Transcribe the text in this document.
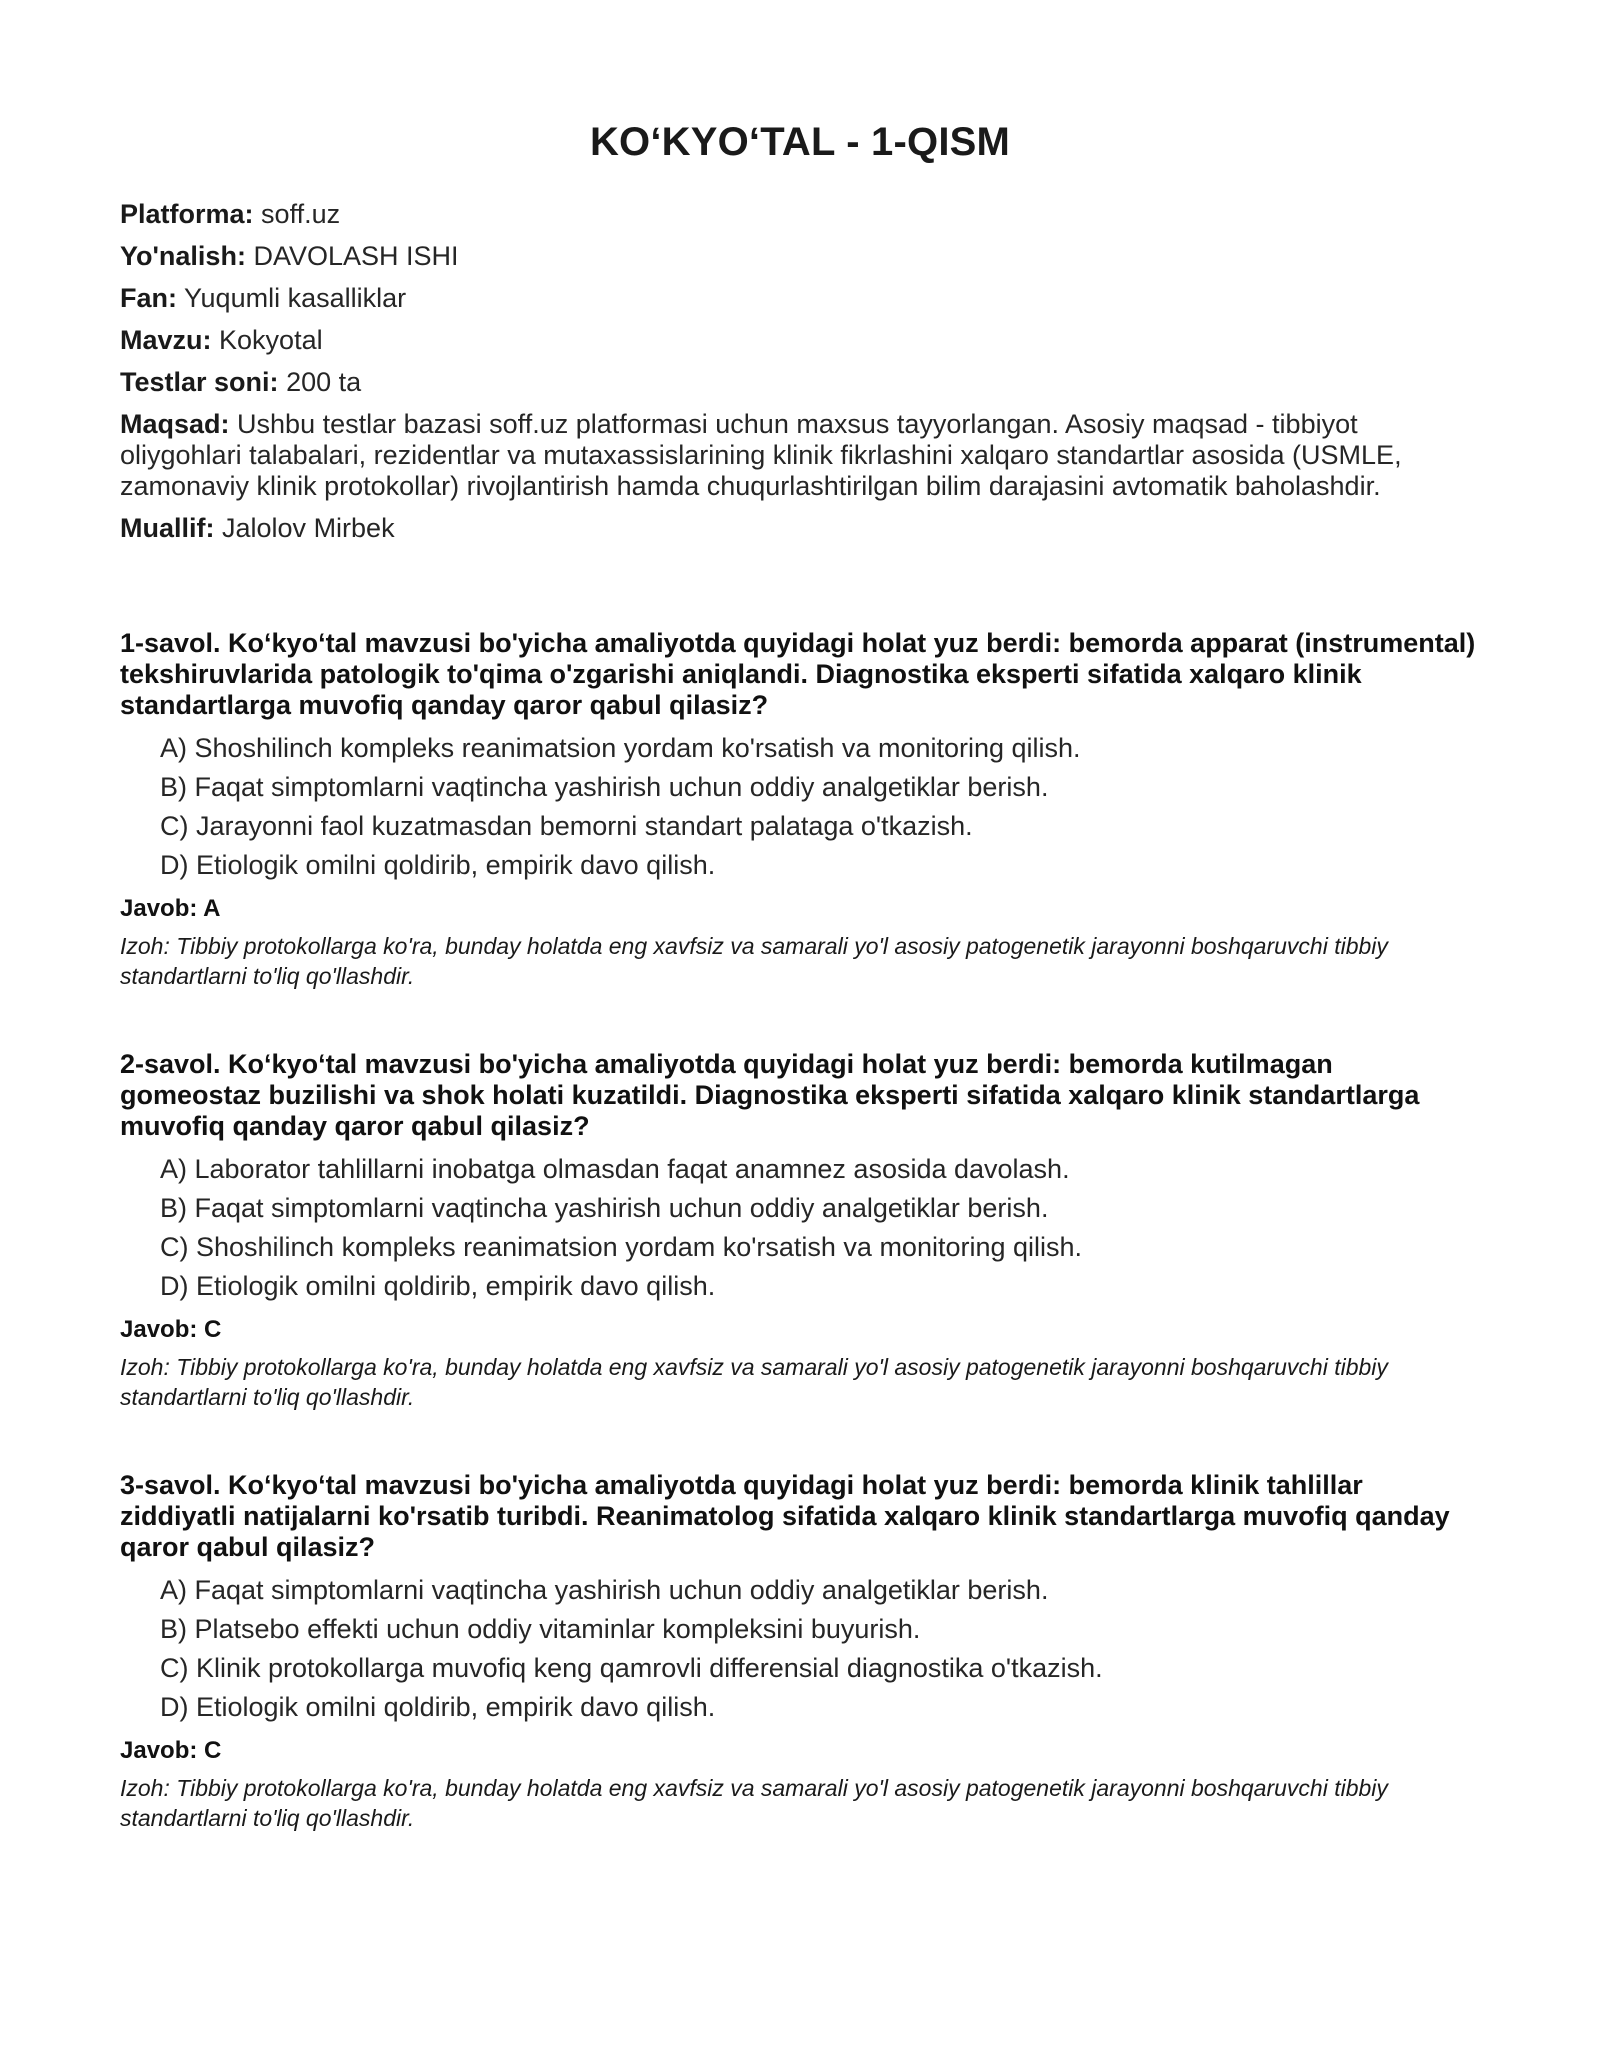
KO‘KYO‘TAL - 1-QISM
Platforma: soff.uz
Yo'nalish: DAVOLASH ISHI
Fan: Yuqumli kasalliklar
Mavzu: Kokyotal
Testlar soni: 200 ta
Maqsad: Ushbu testlar bazasi soff.uz platformasi uchun maxsus tayyorlangan. Asosiy maqsad - tibbiyot oliygohlari talabalari, rezidentlar va mutaxassislarining klinik fikrlashini xalqaro standartlar asosida (USMLE, zamonaviy klinik protokollar) rivojlantirish hamda chuqurlashtirilgan bilim darajasini avtomatik baholashdir.
Muallif: Jalolov Mirbek
1-savol. Ko‘kyo‘tal mavzusi bo'yicha amaliyotda quyidagi holat yuz berdi: bemorda apparat (instrumental) tekshiruvlarida patologik to'qima o'zgarishi aniqlandi. Diagnostika eksperti sifatida xalqaro klinik standartlarga muvofiq qanday qaror qabul qilasiz?
A) Shoshilinch kompleks reanimatsion yordam ko'rsatish va monitoring qilish.
B) Faqat simptomlarni vaqtincha yashirish uchun oddiy analgetiklar berish.
C) Jarayonni faol kuzatmasdan bemorni standart palataga o'tkazish.
D) Etiologik omilni qoldirib, empirik davo qilish.
Javob: A
Izoh: Tibbiy protokollarga ko'ra, bunday holatda eng xavfsiz va samarali yo'l asosiy patogenetik jarayonni boshqaruvchi tibbiy standartlarni to'liq qo'llashdir.
2-savol. Ko‘kyo‘tal mavzusi bo'yicha amaliyotda quyidagi holat yuz berdi: bemorda kutilmagan gomeostaz buzilishi va shok holati kuzatildi. Diagnostika eksperti sifatida xalqaro klinik standartlarga muvofiq qanday qaror qabul qilasiz?
A) Laborator tahlillarni inobatga olmasdan faqat anamnez asosida davolash.
B) Faqat simptomlarni vaqtincha yashirish uchun oddiy analgetiklar berish.
C) Shoshilinch kompleks reanimatsion yordam ko'rsatish va monitoring qilish.
D) Etiologik omilni qoldirib, empirik davo qilish.
Javob: C
Izoh: Tibbiy protokollarga ko'ra, bunday holatda eng xavfsiz va samarali yo'l asosiy patogenetik jarayonni boshqaruvchi tibbiy standartlarni to'liq qo'llashdir.
3-savol. Ko‘kyo‘tal mavzusi bo'yicha amaliyotda quyidagi holat yuz berdi: bemorda klinik tahlillar ziddiyatli natijalarni ko'rsatib turibdi. Reanimatolog sifatida xalqaro klinik standartlarga muvofiq qanday qaror qabul qilasiz?
A) Faqat simptomlarni vaqtincha yashirish uchun oddiy analgetiklar berish.
B) Platsebo effekti uchun oddiy vitaminlar kompleksini buyurish.
C) Klinik protokollarga muvofiq keng qamrovli differensial diagnostika o'tkazish.
D) Etiologik omilni qoldirib, empirik davo qilish.
Javob: C
Izoh: Tibbiy protokollarga ko'ra, bunday holatda eng xavfsiz va samarali yo'l asosiy patogenetik jarayonni boshqaruvchi tibbiy standartlarni to'liq qo'llashdir.
